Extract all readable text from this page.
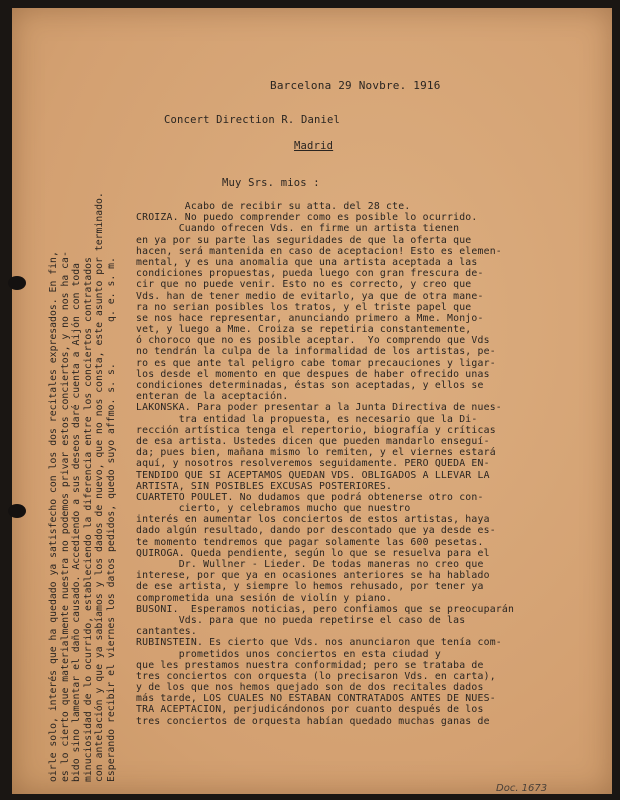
Barcelona 29 Novbre. 1916
Concert Direction R. Daniel
Madrid
Muy Srs. mios :
Acabo de recibir su atta. del 28 cte.
CROIZA. No puedo comprender como es posible lo ocurrido.
Cuando ofrecen Vds. en firme un artista tienen
en ya por su parte las seguridades de que la oferta que
hacen, será mantenida en caso de aceptacion! Esto es elemen-
mental, y es una anomalia que una artista aceptada a las
condiciones propuestas, pueda luego con gran frescura de-
cir que no puede venir. Esto no es correcto, y creo que
Vds. han de tener medio de evitarlo, ya que de otra mane-
ra no serian posibles los tratos, y el triste papel que
se nos hace representar, anunciando primero a Mme. Monjo-
vet, y luego a Mme. Croiza se repetiria constantemente,
ó choroco que no es posible aceptar.  Yo comprendo que Vds
no tendrán la culpa de la informalidad de los artistas, pe-
ro es que ante tal peligro cabe tomar precauciones y ligar-
los desde el momento en que despues de haber ofrecido unas
condiciones determinadas, éstas son aceptadas, y ellos se
enteran de la aceptación.
LAKONSKA. Para poder presentar a la Junta Directiva de nues-
tra entidad la propuesta, es necesario que la Di-
rección artística tenga el repertorio, biografía y críticas
de esa artista. Ustedes dicen que pueden mandarlo enseguí-
da; pues bien, mañana mismo lo remiten, y el viernes estará
aquí, y nosotros resolveremos seguidamente. PERO QUEDA EN-
TENDIDO QUE SI ACEPTAMOS QUEDAN VDS. OBLIGADOS A LLEVAR LA
ARTISTA, SIN POSIBLES EXCUSAS POSTERIORES.
CUARTETO POULET. No dudamos que podrá obtenerse otro con-
cierto, y celebramos mucho que nuestro
interés en aumentar los conciertos de estos artistas, haya
dado algún resultado, dando por descontado que ya desde es-
te momento tendremos que pagar solamente las 600 pesetas.
QUIROGA. Queda pendiente, según lo que se resuelva para el
Dr. Wullner - Lieder. De todas maneras no creo que
interese, por que ya en ocasiones anteriores se ha hablado
de ese artista, y siempre lo hemos rehusado, por tener ya
comprometida una sesión de violín y piano.
BUSONI.  Esperamos noticias, pero confiamos que se preocuparán
Vds. para que no pueda repetirse el caso de las
cantantes.
RUBINSTEIN. Es cierto que Vds. nos anunciaron que tenía com-
prometidos unos conciertos en esta ciudad y
que les prestamos nuestra conformidad; pero se trataba de
tres conciertos con orquesta (lo precisaron Vds. en carta),
y de los que nos hemos quejado son de dos recitales dados
más tarde, LOS CUALES NO ESTABAN CONTRATADOS ANTES DE NUES-
TRA ACEPTACION, perjudicándonos por cuanto después de los
tres conciertos de orquesta habían quedado muchas ganas de
oirle solo, interés que ha quedado ya satisfecho con los dos recitales expresados. En fin, es lo cierto que materialmente nuestra no podemos privar estos conciertos, y no nos ha ca- bido sino lamentar el daño causado. Accediendo a sus deseos daré cuenta a Aijón con toda minuciosidad de lo ocurrido, estableciendo la diferencia entre los conciertos contratados con antelación y que ya sabíamos y los dados de nuevo, que no nos consta, este asunto por terminado. Esperando recibir el viernes los datos pedidos, quedo suyo affmo. s. s.       q. e. s. m.
Doc. 1673
